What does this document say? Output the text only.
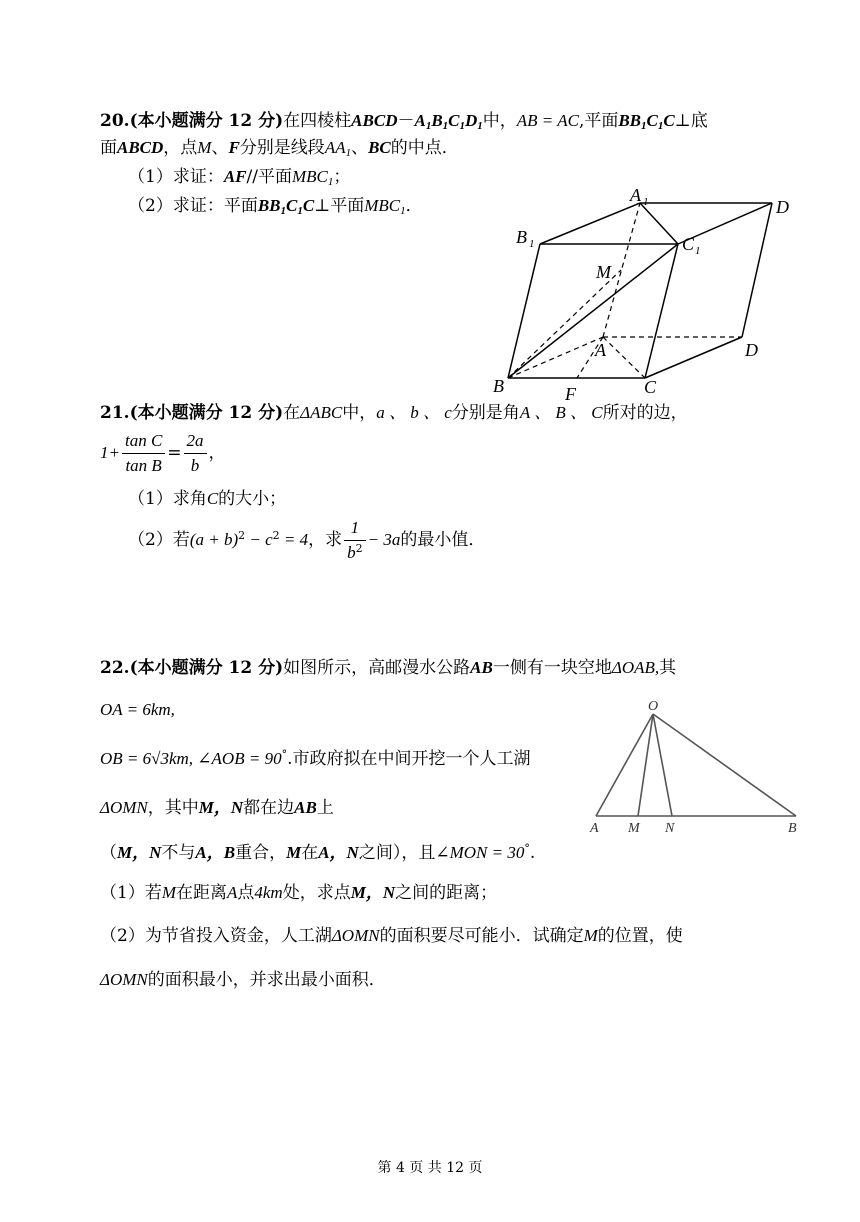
20.(本小题满分 12 分)在四棱柱$ABCD-A_1B_1C_1D_1$中，AB = AC,平面$BB_1C_1C\perp$底
面ABCD，点M、F分别是线段$AA_1$、BC的中点．
（1）求证：AF//平面$MBC_1$；
（2）求证：平面$BB_1C_1C\perp$平面$MBC_1$．
A 1	D
B 1	C 1
M
A	D
B	F	C
21.(本小题满分 12 分)在ΔABC中，a 、 b 、 c分别是角A 、 B 、 C所对的边，
$1+ \frac{\text{tan C}}{\text{tan B}} = \frac{2a}{b}$ ，
（1）求角C的大小；
（2）若$(a + b)^2 - c^2 = 4$，求 $\frac{1}{b^2} - 3a$的最小值．
22.(本小题满分 12 分)如图所示，高邮漫水公路AB一侧有一块空地ΔOAB,其
OA = 6km,
OB = 6√3km, ∠AOB = 90°.市政府拟在中间开挖一个人工湖
ΔOMN，其中M，N都在边AB上
（M，N不与A，B重合，M在A，N之间），且∠MON = 30°.
（1）若M在距离A点4km处，求点M，N之间的距离；
（2）为节省投入资金，人工湖ΔOMN的面积要尽可能小．试确定M的位置，使
ΔOMN的面积最小，并求出最小面积．
O
A M N	B
第 4 页 共 12 页
